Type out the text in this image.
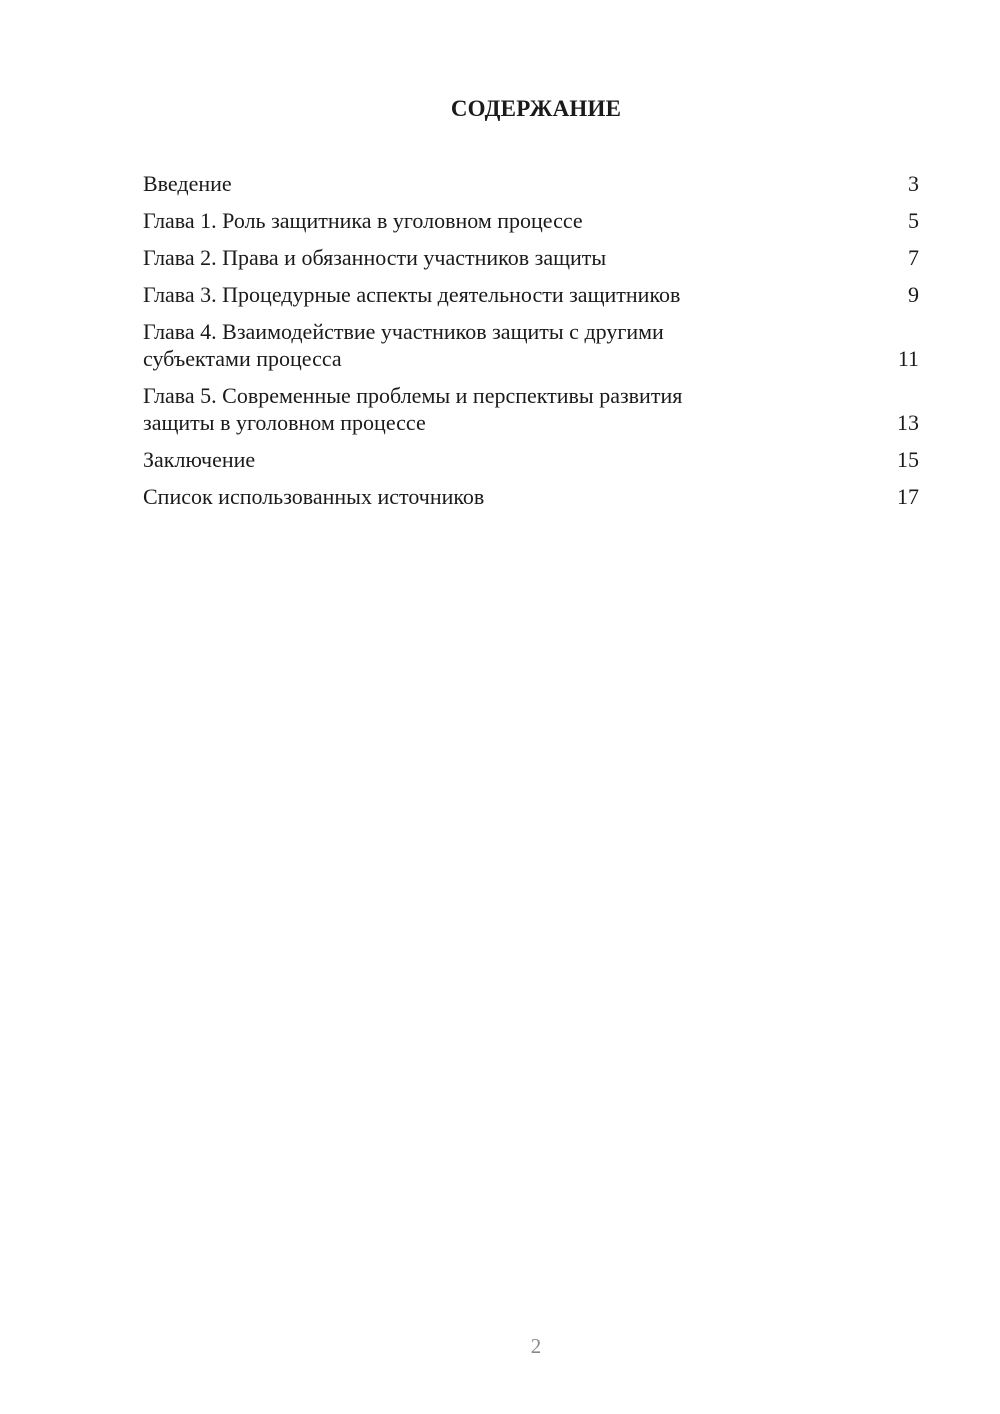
СОДЕРЖАНИЕ
Введение	3
Глава 1. Роль защитника в уголовном процессе	5
Глава 2. Права и обязанности участников защиты	7
Глава 3. Процедурные аспекты деятельности защитников	9
Глава 4. Взаимодействие участников защиты с другими
субъектами процесса	11
Глава 5. Современные проблемы и перспективы развития
защиты в уголовном процессе	13
Заключение	15
Список использованных источников	17
2
